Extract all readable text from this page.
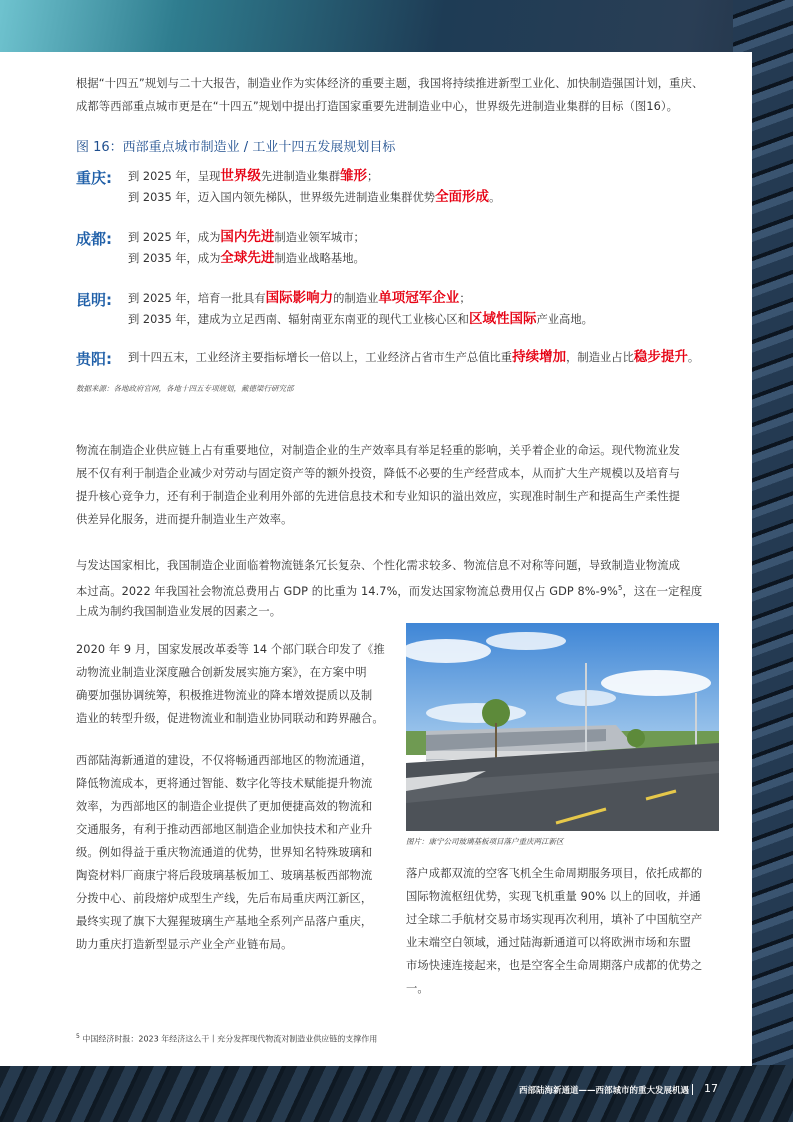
根据“十四五”规划与二十大报告，制造业作为实体经济的重要主题，我国将持续推进新型工业化、加快制造强国计划，重庆、

成都等西部重点城市更是在“十四五”规划中提出打造国家重要先进制造业中心，世界级先进制造业集群的目标（图16）。

图 16：西部重点城市制造业 / 工业十四五发展规划目标
重庆: 到 2025 年，呈现世界级先进制造业集群雏形；
到 2035 年，迈入国内领先梯队，世界级先进制造业集群优势全面形成。
成都: 到 2025 年，成为国内先进制造业领军城市；
到 2035 年，成为全球先进制造业战略基地。
昆明: 到 2025 年，培育一批具有国际影响力的制造业单项冠军企业；
到 2035 年，建成为立足西南、辐射南亚东南亚的现代工业核心区和区域性国际产业高地。
贵阳: 到十四五末，工业经济主要指标增长一倍以上，工业经济占省市生产总值比重持续增加，制造业占比稳步提升。
数据来源：各地政府官网，各地十四五专项规划，戴德梁行研究部

物流在制造企业供应链上占有重要地位，对制造企业的生产效率具有举足轻重的影响，关乎着企业的命运。现代物流业发

展不仅有利于制造企业减少对劳动与固定资产等的额外投资，降低不必要的生产经营成本，从而扩大生产规模以及培育与

提升核心竞争力，还有利于制造企业利用外部的先进信息技术和专业知识的溢出效应，实现准时制生产和提高生产柔性提

供差异化服务，进而提升制造业生产效率。

与发达国家相比，我国制造企业面临着物流链条冗长复杂、个性化需求较多、物流信息不对称等问题，导致制造业物流成

本过高。2022 年我国社会物流总费用占 GDP 的比重为 14.7%，而发达国家物流总费用仅占 GDP 8%-9%$^5$，这在一定程度

上成为制约我国制造业发展的因素之一。

2020 年 9 月，国家发展改革委等 14 个部门联合印发了《推

动物流业制造业深度融合创新发展实施方案》，在方案中明

确要加强协调统筹，积极推进物流业的降本增效提质以及制

造业的转型升级，促进物流业和制造业协同联动和跨界融合。

西部陆海新通道的建设，不仅将畅通西部地区的物流通道，

降低物流成本，更将通过智能、数字化等技术赋能提升物流

效率，为西部地区的制造企业提供了更加便捷高效的物流和

交通服务，有利于推动西部地区制造企业加快技术和产业升

级。例如得益于重庆物流通道的优势，世界知名特殊玻璃和

陶瓷材料厂商康宁将后段玻璃基板加工、玻璃基板西部物流

分拨中心、前段熔炉成型生产线，先后布局重庆两江新区，

最终实现了旗下大猩猩玻璃生产基地全系列产品落户重庆，

助力重庆打造新型显示产业全产业链布局。

图片：康宁公司玻璃基板项目落户重庆两江新区

落户成都双流的空客飞机全生命周期服务项目，依托成都的

国际物流枢纽优势，实现飞机重量 90% 以上的回收，并通

过全球二手航材交易市场实现再次利用，填补了中国航空产

业末端空白领域，通过陆海新通道可以将欧洲市场和东盟

市场快速连接起来，也是空客全生命周期落户成都的优势之

一。

$^5$ 中国经济时报：2023 年经济这么干丨充分发挥现代物流对制造业供应链的支撑作用
西部陆海新通道——西部城市的重大发展机遇 17
